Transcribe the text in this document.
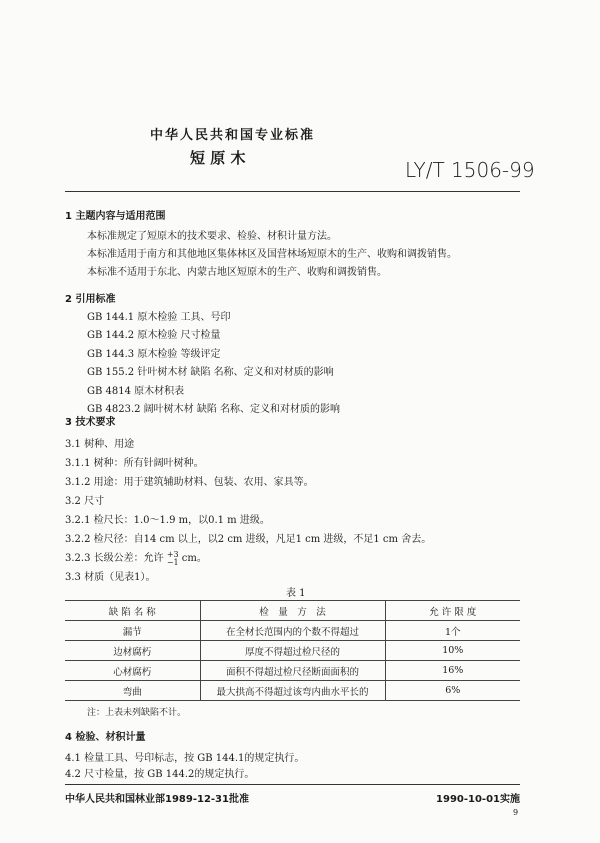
中华人民共和国专业标准
短 原 木	LY/T 1506-99
1 主题内容与适用范围
本标准规定了短原木的技术要求、检验、材积计量方法。
本标准适用于南方和其他地区集体林区及国营林场短原木的生产、收购和调拨销售。
本标准不适用于东北、内蒙古地区短原木的生产、收购和调拨销售。
2 引用标准
GB 144.1 原木检验 工具、号印
GB 144.2 原木检验 尺寸检量
GB 144.3 原木检验 等级评定
GB 155.2 针叶树木材 缺陷 名称、定义和对材质的影响
GB 4814 原木材积表
GB 4823.2 阔叶树木材 缺陷 名称、定义和对材质的影响
3 技术要求
3.1 树种、用途
3.1.1 树种：所有针阔叶树种。
3.1.2 用途：用于建筑辅助材料、包装、农用、家具等。
3.2 尺寸
3.2.1 检尺长：1.0～1.9 m，以0.1 m 进级。
3.2.2 检尺径：自14 cm 以上，以2 cm 进级，凡足1 cm 进级，不足1 cm 舍去。
3.2.3 长级公差：允许 +3
−1 cm。
3.3 材质（见表1）。
表 1
缺 陷 名 称	检　量　方　法	允 许 限 度
漏节	在全材长范围内的个数不得超过	1个
边材腐朽	厚度不得超过检尺径的	10%
心材腐朽	面积不得超过检尺径断面面积的	16%
弯曲	最大拱高不得超过该弯内曲水平长的	6%
注：上表未列缺陷不计。
4 检验、材积计量
4.1 检量工具、号印标志，按 GB 144.1的规定执行。
4.2 尺寸检量，按 GB 144.2的规定执行。
中华人民共和国林业部1989-12-31批准	1990-10-01实施
9
